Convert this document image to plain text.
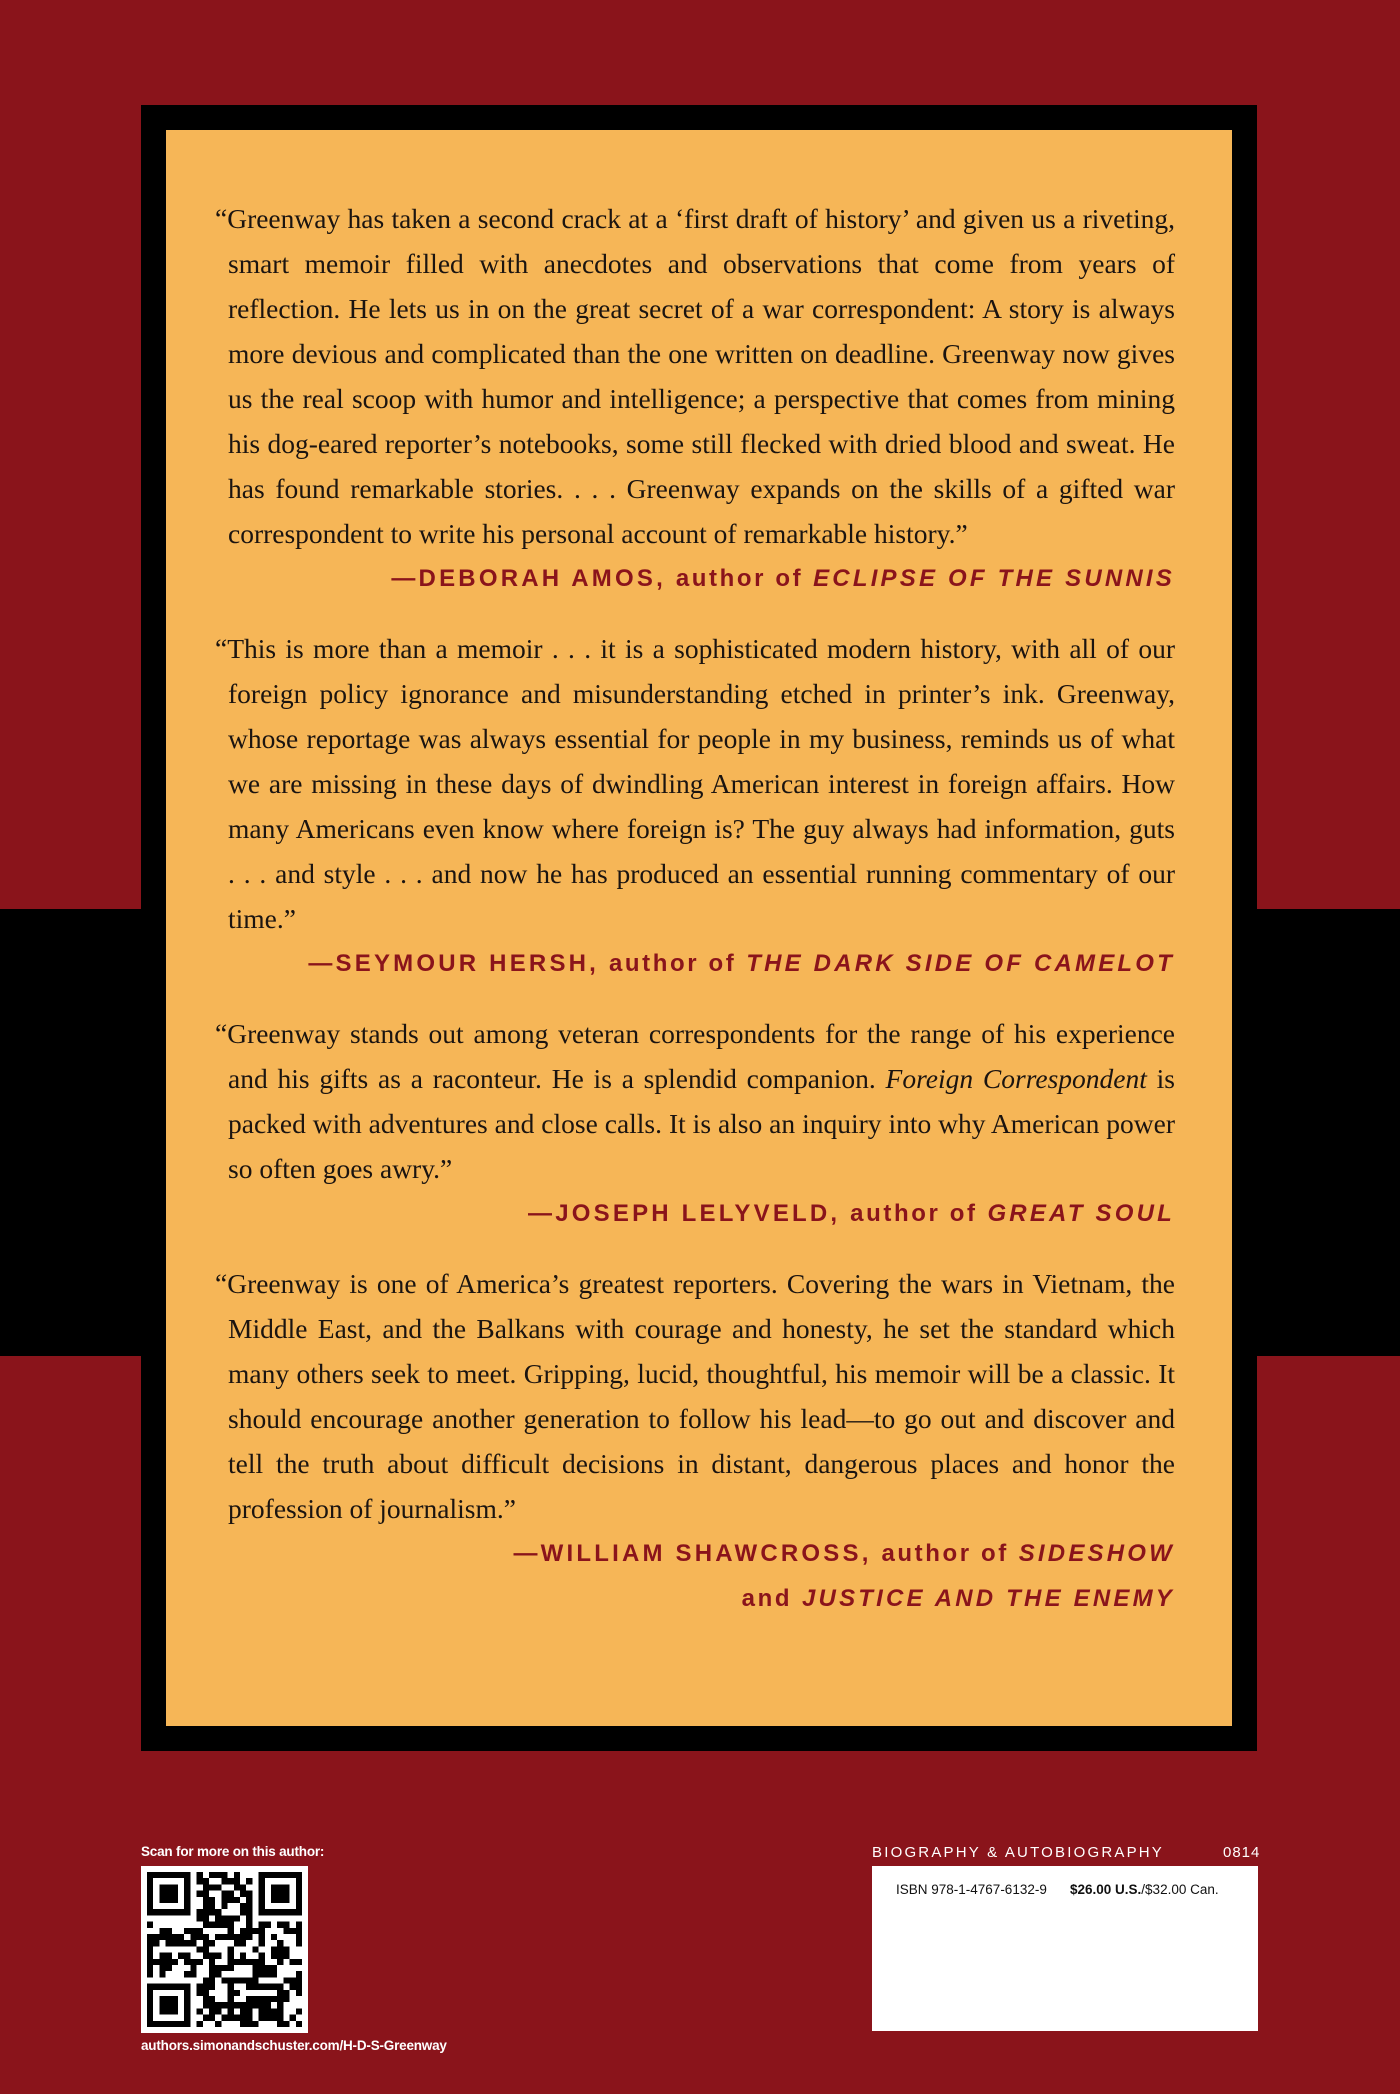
“Greenway has taken a second crack at a ‘first draft of history’ and given us a riveting, smart memoir filled with anecdotes and observations that come from years of reflection. He lets us in on the great secret of a war correspondent: A story is always more devious and complicated than the one written on deadline. Greenway now gives us the real scoop with humor and intelligence; a perspective that comes from mining his dog-eared reporter’s notebooks, some still flecked with dried blood and sweat. He has found remarkable stories. . . . Greenway expands on the skills of a gifted war correspondent to write his personal account of remarkable history.”

—DEBORAH AMOS, author of ECLIPSE OF THE SUNNIS

“This is more than a memoir . . . it is a sophisticated modern history, with all of our foreign policy ignorance and misunderstanding etched in printer’s ink. Greenway, whose reportage was always essential for people in my business, reminds us of what we are missing in these days of dwindling American interest in foreign affairs. How many Americans even know where foreign is? The guy always had information, guts . . . and style . . . and now he has produced an essential running commentary of our time.”

—SEYMOUR HERSH, author of THE DARK SIDE OF CAMELOT

“Greenway stands out among veteran correspondents for the range of his experience and his gifts as a raconteur. He is a splendid companion. Foreign Correspondent is packed with adventures and close calls. It is also an inquiry into why American power so often goes awry.”

—JOSEPH LELYVELD, author of GREAT SOUL

“Greenway is one of America’s greatest reporters. Covering the wars in Vietnam, the Middle East, and the Balkans with courage and honesty, he set the standard which many others seek to meet. Gripping, lucid, thoughtful, his memoir will be a classic. It should encourage another generation to follow his lead—to go out and discover and tell the truth about difficult decisions in distant, dangerous places and honor the profession of journalism.”

—WILLIAM SHAWCROSS, author of SIDESHOW

and JUSTICE AND THE ENEMY

Scan for more on this author:
authors.simonandschuster.com/H-D-S-Greenway
BIOGRAPHY & AUTOBIOGRAPHY	0814
ISBN 978-1-4767-6132-9 $26.00 U.S./$32.00 Can.
